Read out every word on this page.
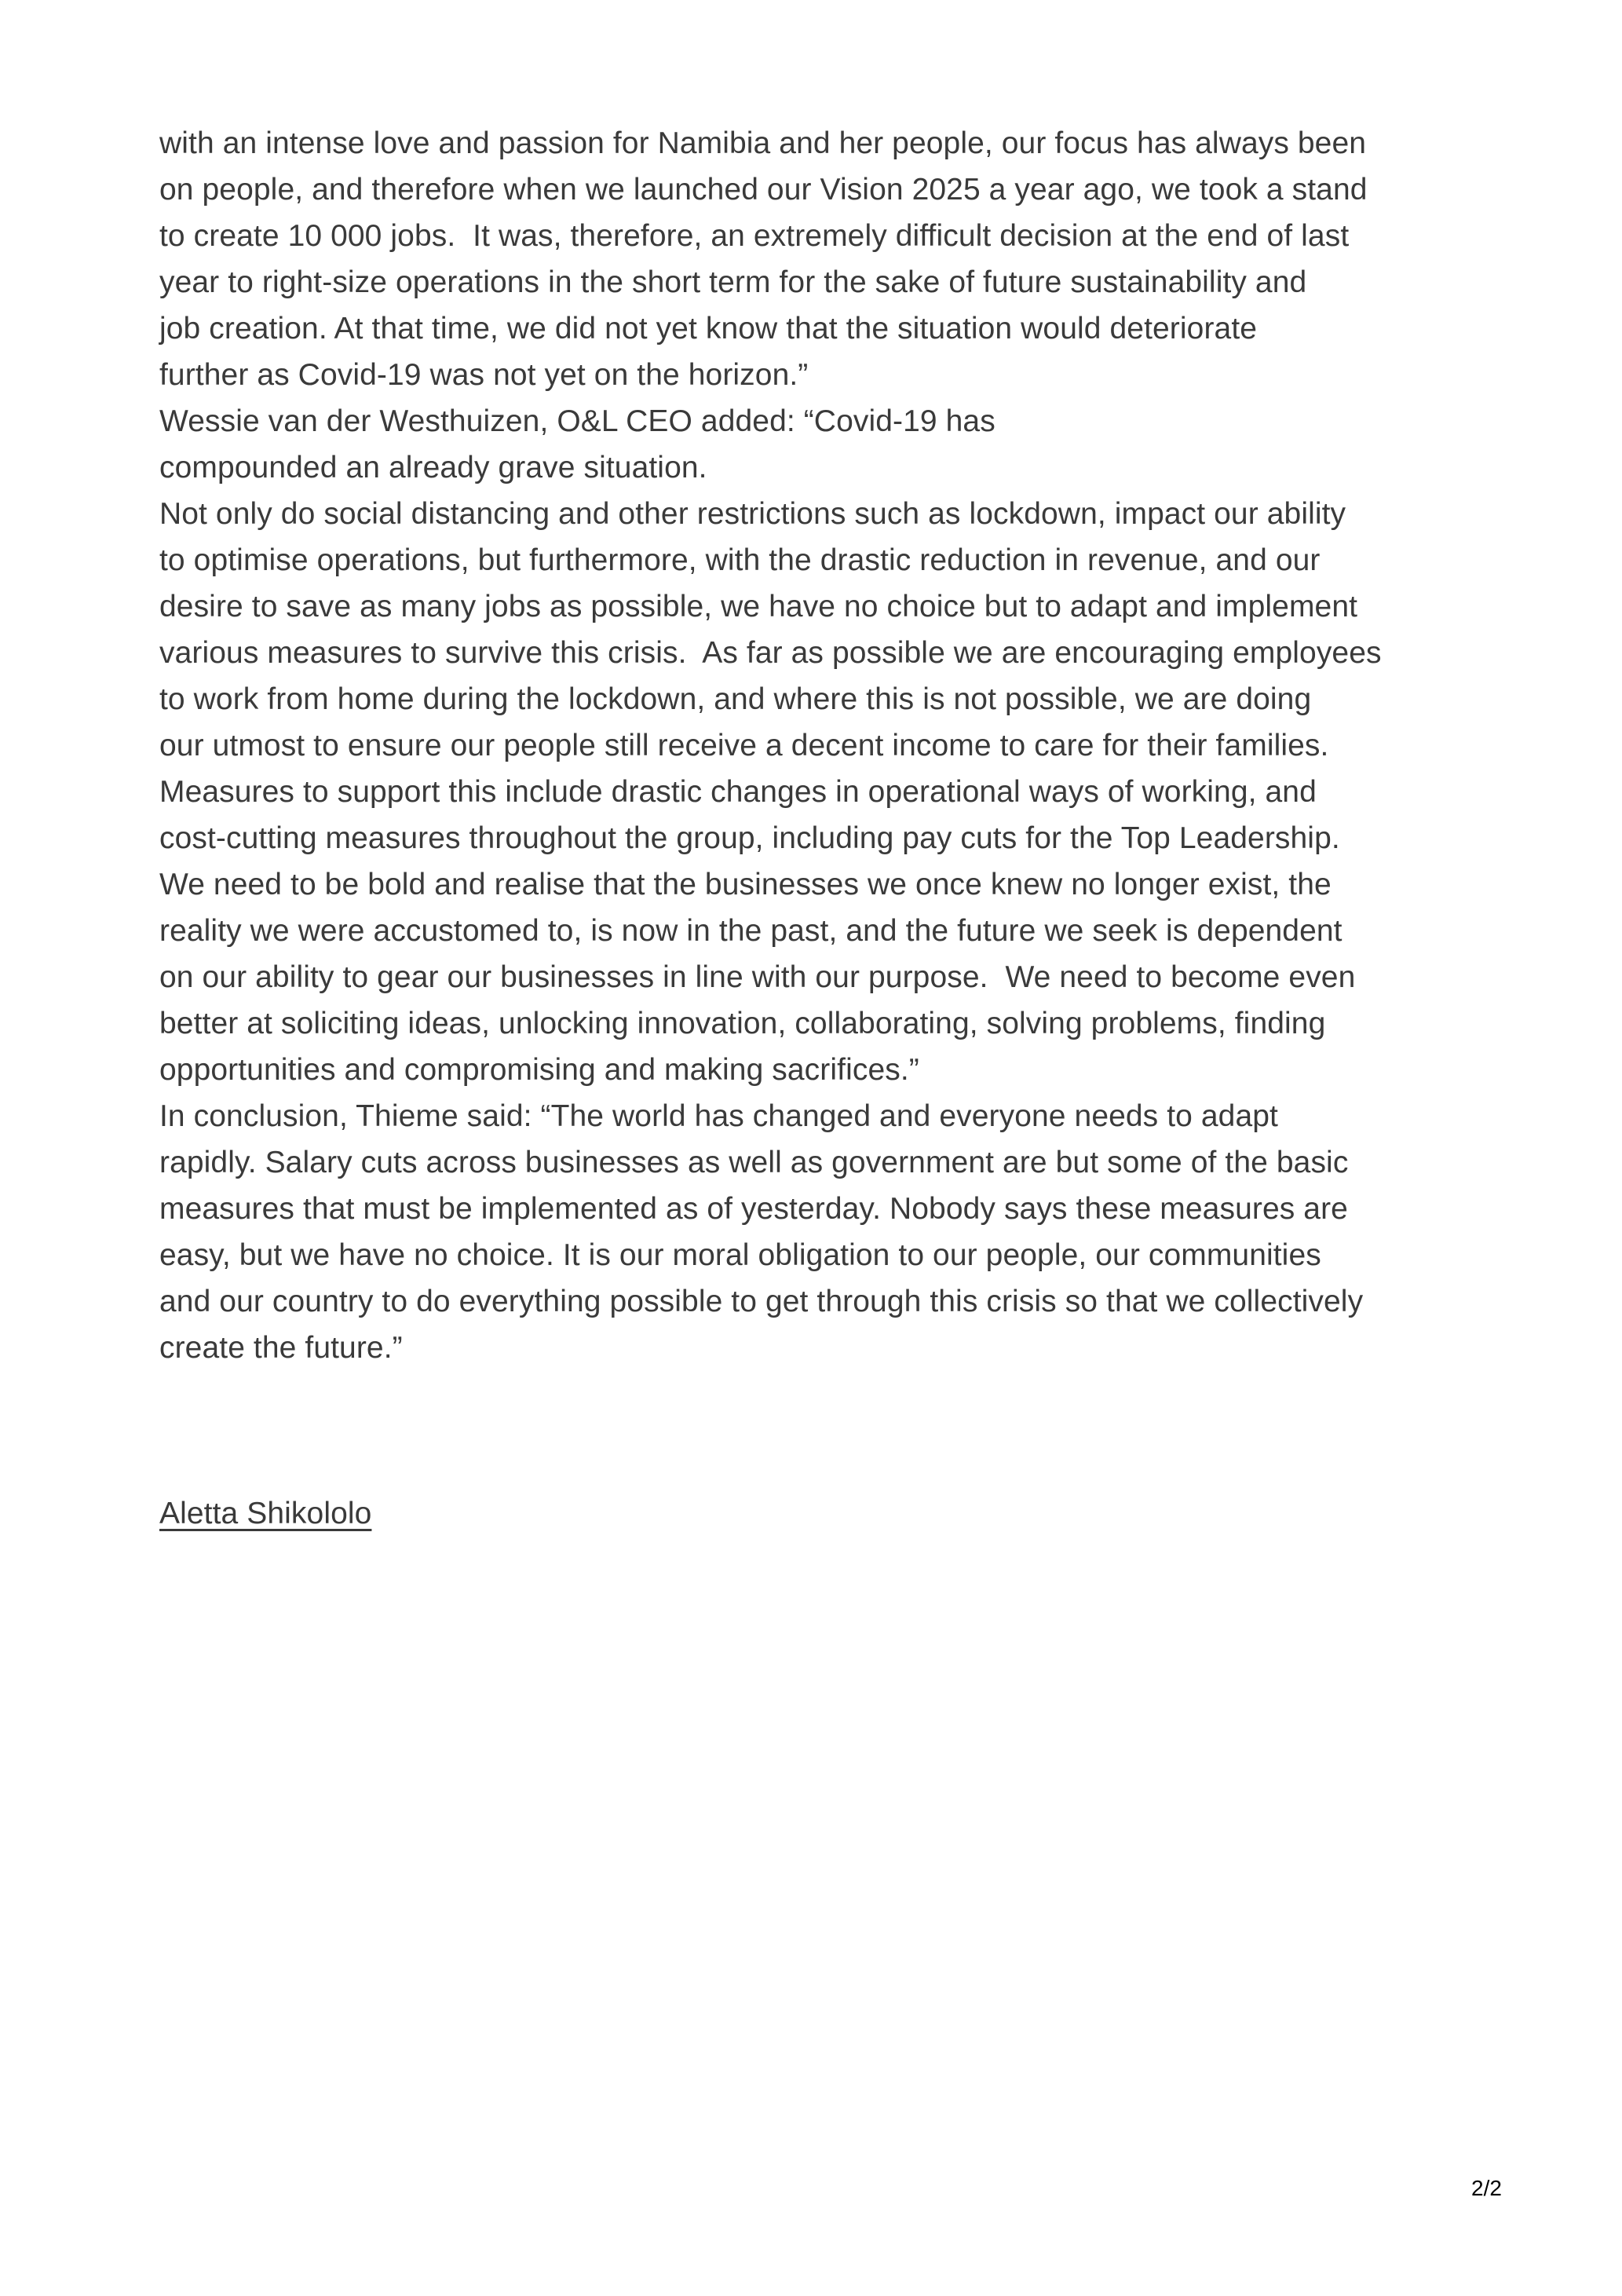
with an intense love and passion for Namibia and her people, our focus has always been
on people, and therefore when we launched our Vision 2025 a year ago, we took a stand
to create 10 000 jobs.  It was, therefore, an extremely difficult decision at the end of last
year to right-size operations in the short term for the sake of future sustainability and
job creation. At that time, we did not yet know that the situation would deteriorate
further as Covid-19 was not yet on the horizon.”
Wessie van der Westhuizen, O&L CEO added: “Covid-19 has
compounded an already grave situation.
Not only do social distancing and other restrictions such as lockdown, impact our ability
to optimise operations, but furthermore, with the drastic reduction in revenue, and our
desire to save as many jobs as possible, we have no choice but to adapt and implement
various measures to survive this crisis.  As far as possible we are encouraging employees
to work from home during the lockdown, and where this is not possible, we are doing
our utmost to ensure our people still receive a decent income to care for their families.
Measures to support this include drastic changes in operational ways of working, and
cost-cutting measures throughout the group, including pay cuts for the Top Leadership.
We need to be bold and realise that the businesses we once knew no longer exist, the
reality we were accustomed to, is now in the past, and the future we seek is dependent
on our ability to gear our businesses in line with our purpose.  We need to become even
better at soliciting ideas, unlocking innovation, collaborating, solving problems, finding
opportunities and compromising and making sacrifices.”
In conclusion, Thieme said: “The world has changed and everyone needs to adapt
rapidly. Salary cuts across businesses as well as government are but some of the basic
measures that must be implemented as of yesterday. Nobody says these measures are
easy, but we have no choice. It is our moral obligation to our people, our communities
and our country to do everything possible to get through this crisis so that we collectively
create the future.”
Aletta Shikololo
2/2
